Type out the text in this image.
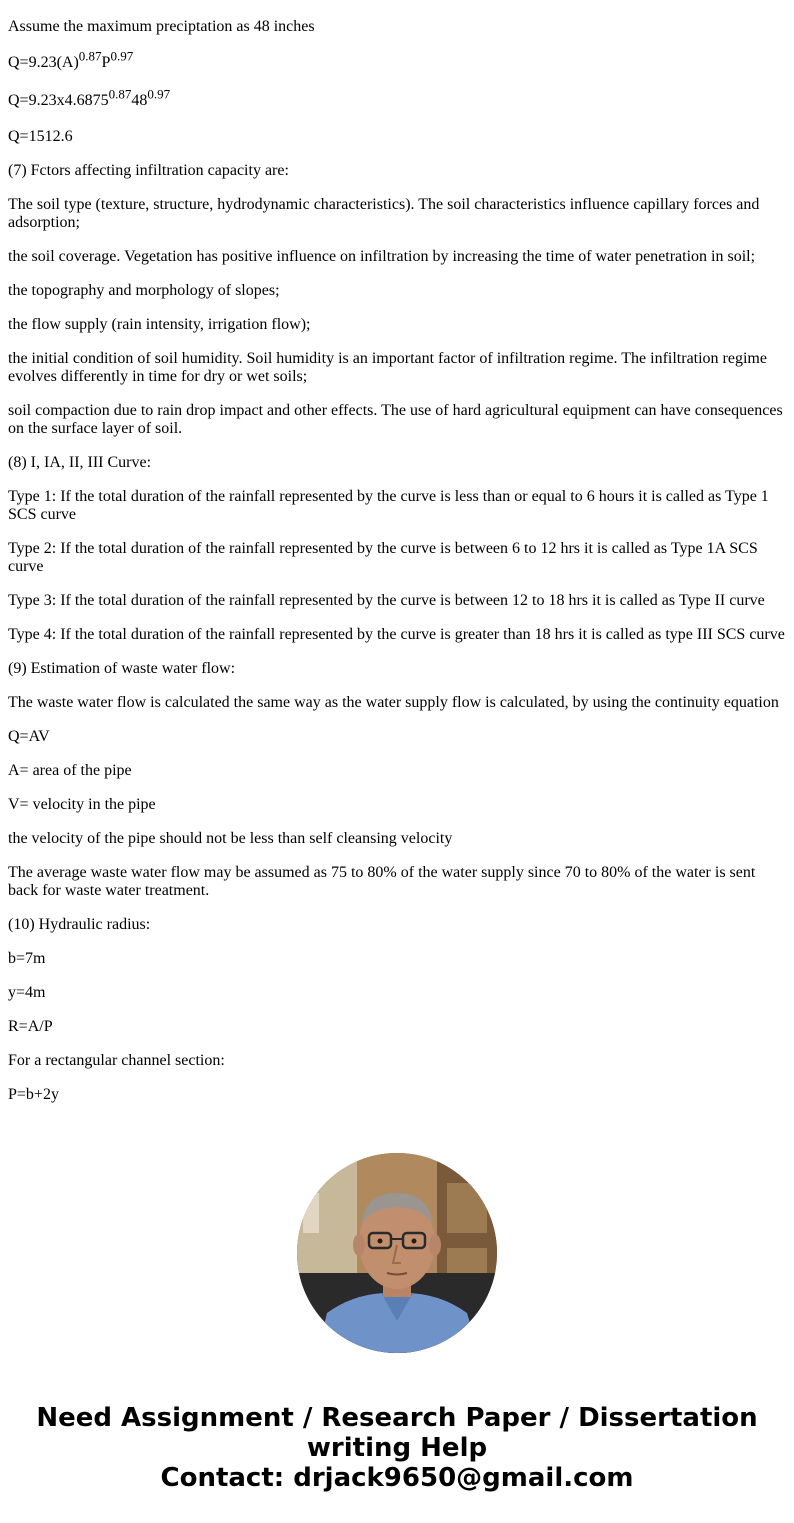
Assume the maximum preciptation as 48 inches

$Q=9.23(A)^{0.87}P^{0.97}$

$Q=9.23x4.6875^{0.87}48^{0.97}$

Q=1512.6

(7) Fctors affecting infiltration capacity are:

The soil type (texture, structure, hydrodynamic characteristics). The soil characteristics influence capillary forces and adsorption;

the soil coverage. Vegetation has positive influence on infiltration by increasing the time of water penetration in soil;

the topography and morphology of slopes;

the flow supply (rain intensity, irrigation flow);

the initial condition of soil humidity. Soil humidity is an important factor of infiltration regime. The infiltration regime evolves differently in time for dry or wet soils;

soil compaction due to rain drop impact and other effects. The use of hard agricultural equipment can have consequences on the surface layer of soil.

(8) I, IA, II, III Curve:

Type 1: If the total duration of the rainfall represented by the curve is less than or equal to 6 hours it is called as Type 1 SCS curve

Type 2: If the total duration of the rainfall represented by the curve is between 6 to 12 hrs it is called as Type 1A SCS curve

Type 3: If the total duration of the rainfall represented by the curve is between 12 to 18 hrs it is called as Type II curve

Type 4: If the total duration of the rainfall represented by the curve is greater than 18 hrs it is called as type III SCS curve

(9) Estimation of waste water flow:

The waste water flow is calculated the same way as the water supply flow is calculated, by using the continuity equation

Q=AV

A= area of the pipe

V= velocity in the pipe

the velocity of the pipe should not be less than self cleansing velocity

The average waste water flow may be assumed as 75 to 80% of the water supply since 70 to 80% of the water is sent back for waste water treatment.

(10) Hydraulic radius:

b=7m

y=4m

R=A/P

For a rectangular channel section:

P=b+2y

Need Assignment / Research Paper / Dissertation
writing Help
Contact: drjack9650@gmail.com
